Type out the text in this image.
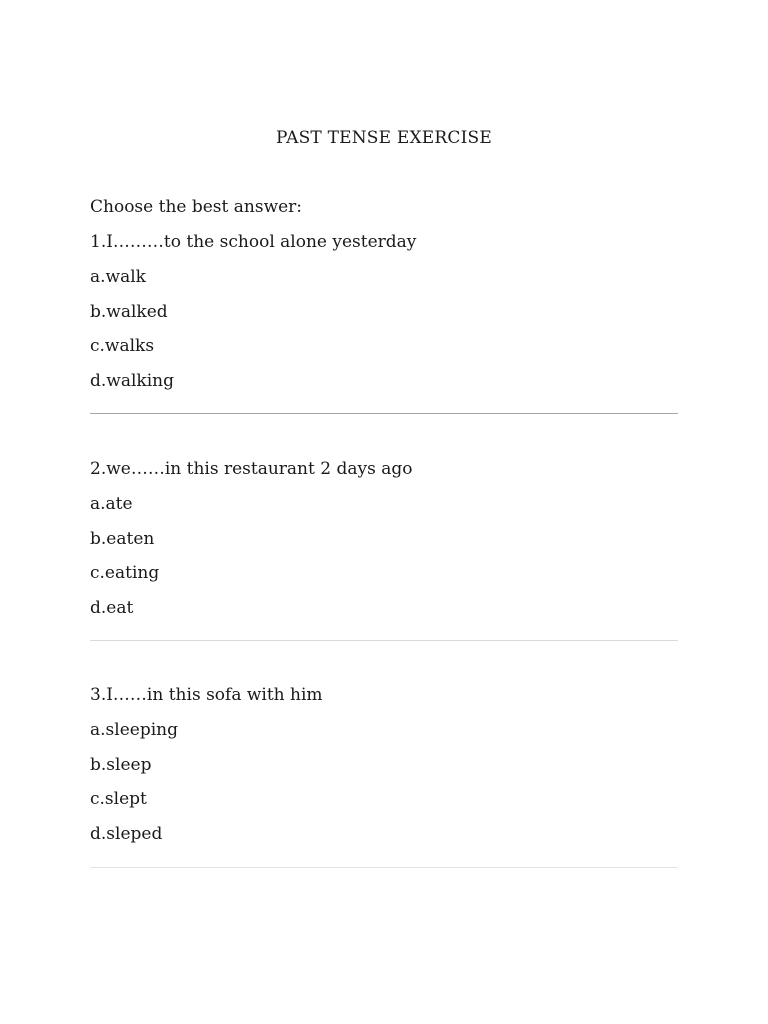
PAST TENSE EXERCISE
Choose the best answer:
1.I………to the school alone yesterday
a.walk
b.walked
c.walks
d.walking
2.we……in this restaurant 2 days ago
a.ate
b.eaten
c.eating
d.eat
3.I……in this sofa with him
a.sleeping
b.sleep
c.slept
d.sleped
